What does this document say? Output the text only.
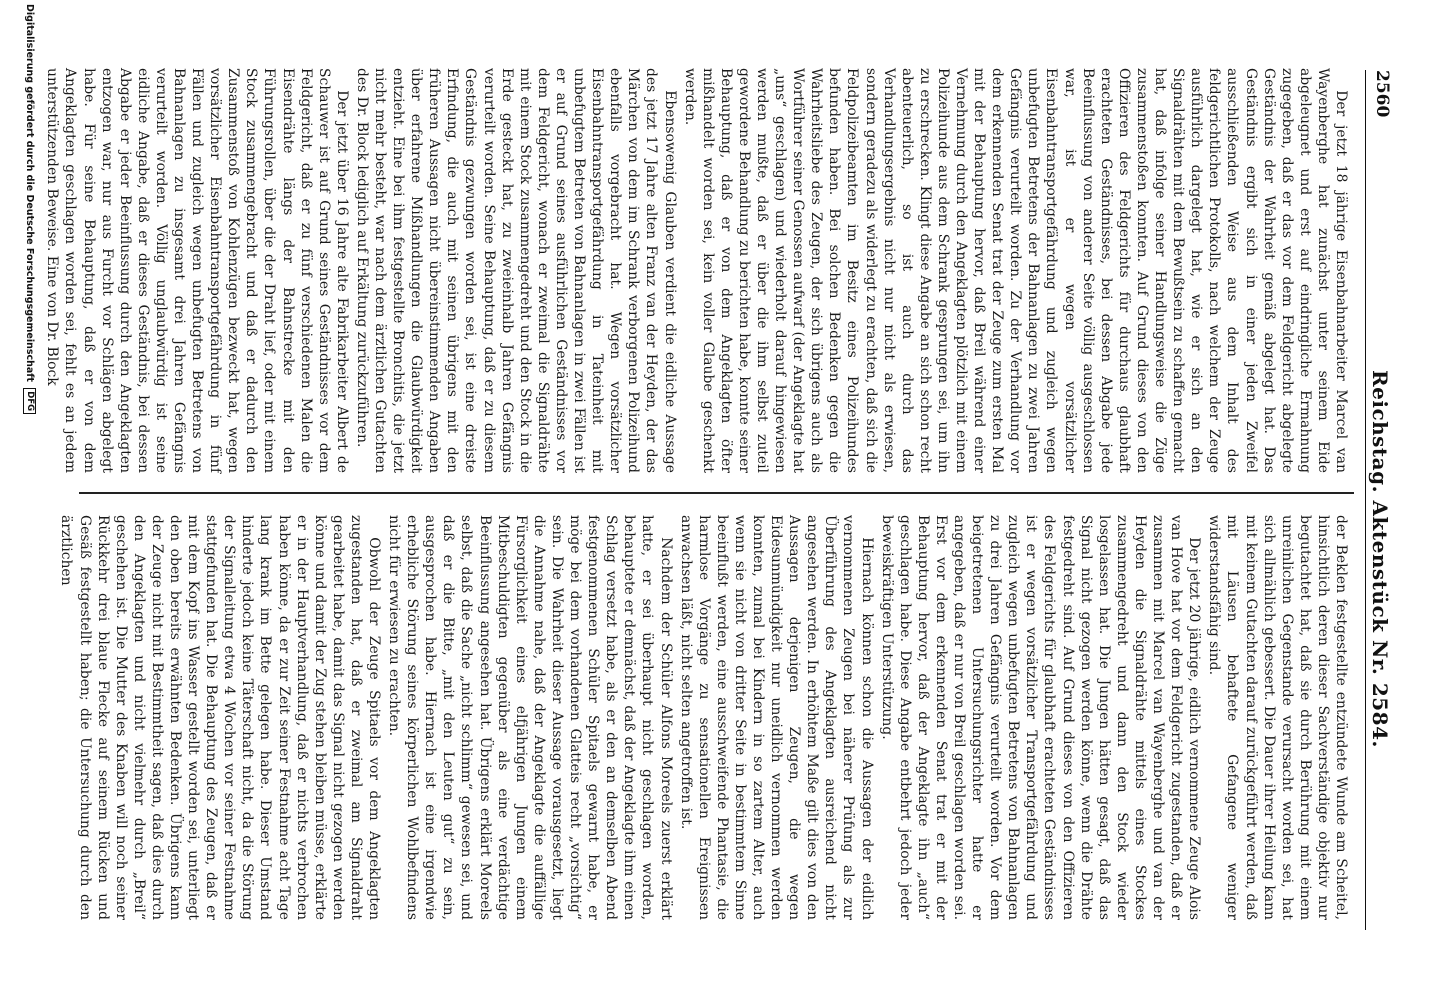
2560
Reichstag. Aktenstück Nr. 2584.

Der jetzt 18 jährige Eisenbahnarbeiter Marcel van Wayenberghe hat zunächst unter seinem Eide abgeleugnet und erst auf eindringliche Ermahnung zugegeben, daß er das vor dem Feldgericht abgelegte Geständnis der Wahrheit gemäß abgelegt hat. Das Geständnis ergibt sich in einer jeden Zweifel ausschließenden Weise aus dem Inhalt des feldgerichtlichen Protokolls, nach welchem der Zeuge ausführlich dargelegt hat, wie er sich an den Signaldrähten mit dem Bewußtsein zu schaffen gemacht hat, daß infolge seiner Handlungsweise die Züge zusammenstoßen konnten. Auf Grund dieses von den Offizieren des Feldgerichts für durchaus glaubhaft erachteten Geständnisses, bei dessen Abgabe jede Beeinflussung von anderer Seite völlig ausgeschlossen war, ist er wegen vorsätzlicher Eisenbahntransportgefährdung und zugleich wegen unbefugten Betretens der Bahnanlagen zu zwei Jahren Gefängnis verurteilt worden. Zu der Verhandlung vor dem erkennenden Senat trat der Zeuge zum ersten Mal mit der Behauptung hervor, daß Breil während einer Vernehmung durch den Angeklagten plötzlich mit einem Polizeihunde aus dem Schrank gesprungen sei, um ihn zu erschrecken. Klingt diese Angabe an sich schon recht abenteuerlich, so ist auch durch das Verhandlungsergebnis nicht nur nicht als erwiesen, sondern geradezu als widerlegt zu erachten, daß sich die Feldpolizeibeamten im Besitz eines Polizeihundes befunden haben. Bei solchen Bedenken gegen die Wahrheitsliebe des Zeugen, der sich übrigens auch als Wortführer seiner Genossen aufwarf (der Angeklagte hat „uns“ geschlagen) und wiederholt darauf hingewiesen werden mußte, daß er über die ihm selbst zuteil gewordene Behandlung zu berichten habe, konnte seiner Behauptung, daß er von dem Angeklagten öfter mißhandelt worden sei, kein voller Glaube geschenkt werden.

Ebensowenig Glauben verdient die eidliche Aussage des jetzt 17 Jahre alten Franz van der Heyden, der das Märchen von dem im Schrank verborgenen Polizeihund ebenfalls vorgebracht hat. Wegen vorsätzlicher Eisenbahntransportgefährdung in Tateinheit mit unbefugtem Betreten von Bahnanlagen in zwei Fällen ist er auf Grund seines ausführlichen Geständnisses vor dem Feldgericht, wonach er zweimal die Signaldrähte mit einem Stock zusammengedreht und den Stock in die Erde gesteckt hat, zu zweieinhalb Jahren Gefängnis verurteilt worden. Seine Behauptung, daß er zu diesem Geständnis gezwungen worden sei, ist eine dreiste Erfindung, die auch mit seinen übrigens mit den früheren Aussagen nicht übereinstimmenden Angaben über erfahrene Mißhandlungen die Glaubwürdigkeit entzieht. Eine bei ihm festgestellte Bronchitis, die jetzt nicht mehr besteht, war nach dem ärztlichen Gutachten des Dr. Block lediglich auf Erkältung zurückzuführen.

Der jetzt über 16 Jahre alte Fabrikarbeiter Albert de Schauwer ist auf Grund seines Geständnisses vor dem Feldgericht, daß er zu fünf verschiedenen Malen die Eisendrähte längs der Bahnstrecke mit den Führungsrollen, über die der Draht lief, oder mit einem Stock zusammengebracht und daß er dadurch den Zusammenstoß von Kohlenzügen bezweckt hat, wegen vorsätzlicher Eisenbahntransportgefährdung in fünf Fällen und zugleich wegen unbefugten Betretens von Bahnanlagen zu insgesamt drei Jahren Gefängnis verurteilt worden. Völlig unglaubwürdig ist seine eidliche Angabe, daß er dieses Geständnis, bei dessen Abgabe er jeder Beeinflussung durch den Angeklagten entzogen war, nur aus Furcht vor Schlägen abgelegt habe. Für seine Behauptung, daß er von dem Angeklagten geschlagen worden sei, fehlt es an jedem unterstützenden Beweise. Eine von Dr. Block

der Beklen festgestellte entzündete Wunde am Scheitel, hinsichtlich deren dieser Sachverständige objektiv nur begutachtet hat, daß sie durch Berührung mit einem unreinlichen Gegenstande verursacht worden sei, hat sich allmählich gebessert. Die Dauer ihrer Heilung kann mit keinem Gutachten darauf zurückgeführt werden, daß mit Läusen behaftete Gefangene weniger widerstandsfähig sind.

Der jetzt 20 jährige, eidlich vernommene Zeuge Alois van Hove hat vor dem Feldgericht zugestanden, daß er zusammen mit Marcel van Wayenberghe und van der Heyden die Signaldrähte mittels eines Stockes zusammengedreht und dann den Stock wieder losgelassen hat. Die Jungen hätten gesagt, daß das Signal nicht gezogen werden könne, wenn die Drähte festgedreht sind. Auf Grund dieses von den Offizieren des Feldgerichts für glaubhaft erachteten Geständnisses ist er wegen vorsätzlicher Transportgefährdung und zugleich wegen unbefugten Betretens von Bahnanlagen zu drei Jahren Gefängnis verurteilt worden. Vor dem beigetretenen Untersuchungsrichter hatte er angegeben, daß er nur von Breil geschlagen worden sei. Erst vor dem erkennenden Senat trat er mit der Behauptung hervor, daß der Angeklagte ihn „auch“ geschlagen habe. Diese Angabe entbehrt jedoch jeder beweiskräftigen Unterstützung.

Hiernach können schon die Aussagen der eidlich vernommenen Zeugen bei näherer Prüfung als zur Überführung des Angeklagten ausreichend nicht angesehen werden. In erhöhtem Maße gilt dies von den Aussagen derjenigen Zeugen, die wegen Eidesunmündigkeit nur uneidlich vernommen werden konnten, zumal bei Kindern in so zartem Alter, auch wenn sie nicht von dritter Seite in bestimmtem Sinne beeinflußt werden, eine ausschweifende Phantasie, die harmlose Vorgänge zu sensationellen Ereignissen anwachsen läßt, nicht selten angetroffen ist.

Nachdem der Schüler Alfons Moreels zuerst erklärt hatte, er sei überhaupt nicht geschlagen worden, behauptete er demnächst, daß der Angeklagte ihm einen Schlag versetzt habe, als er den an demselben Abend festgenommenen Schüler Spitaels gewarnt habe, er möge bei dem vorhandenen Glatteis recht „vorsichtig“ sein. Die Wahrheit dieser Aussage vorausgesetzt, liegt die Annahme nahe, daß der Angeklagte die auffällige Fürsorglichkeit eines elfjährigen Jungen einem Mitbeschuldigten gegenüber als eine verdächtige Beeinflussung angesehen hat. Übrigens erklärt Moreels selbst, daß die Sache „nicht schlimm“ gewesen sei, und daß er die Bitte, „mit den Leuten gut“ zu sein, ausgesprochen habe. Hiernach ist eine irgendwie erhebliche Störung seines körperlichen Wohlbefindens nicht für erwiesen zu erachten.

Obwohl der Zeuge Spitaels vor dem Angeklagten zugestanden hat, daß er zweimal am Signaldraht gearbeitet habe, damit das Signal nicht gezogen werden könne und damit der Zug stehen bleiben müsse, erklärte er in der Hauptverhandlung, daß er nichts verbrochen haben könne, da er zur Zeit seiner Festnahme acht Tage lang krank im Bette gelegen habe. Dieser Umstand hinderte jedoch keine Täterschaft nicht, da die Störung der Signalleitung etwa 4 Wochen vor seiner Festnahme stattgefunden hat. Die Behauptung des Zeugen, daß er mit dem Kopf ins Wasser gestellt worden sei, unterliegt den oben bereits erwähnten Bedenken. Übrigens kann der Zeuge nicht mit Bestimmtheit sagen, daß dies durch den Angeklagten und nicht vielmehr durch „Breil“ geschehen ist. Die Mutter des Knaben will noch seiner Rückkehr drei blaue Flecke auf seinem Rücken und Gesäß festgestellt haben; die Untersuchung durch den ärztlichen

Digitalisierung gefördert durch die Deutsche Forschungsgemeinschaft DFG
